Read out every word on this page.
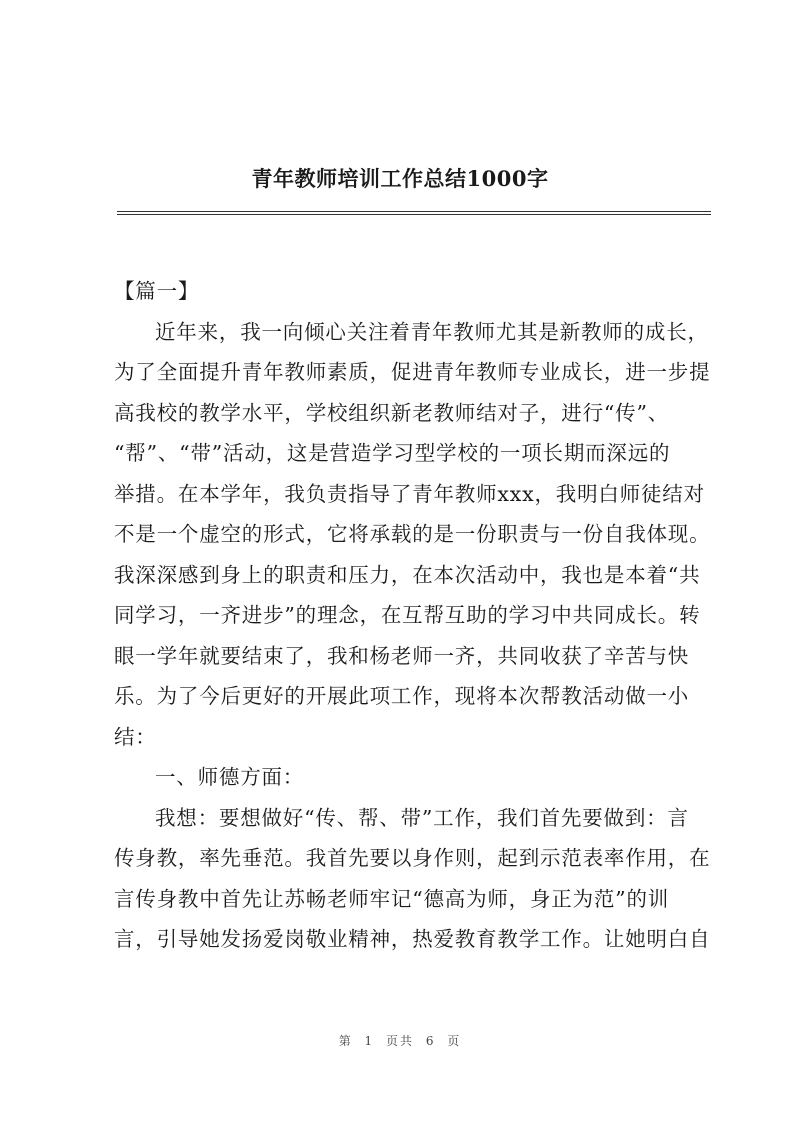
青年教师培训工作总结1000字
【篇一】
近年来，我一向倾心关注着青年教师尤其是新教师的成长，
为了全面提升青年教师素质，促进青年教师专业成长，进一步提
高我校的教学水平，学校组织新老教师结对子，进行“传”、
“帮”、“带”活动，这是营造学习型学校的一项长期而深远的
举措。在本学年，我负责指导了青年教师xxx，我明白师徒结对
不是一个虚空的形式，它将承载的是一份职责与一份自我体现。
我深深感到身上的职责和压力，在本次活动中，我也是本着“共
同学习，一齐进步”的理念，在互帮互助的学习中共同成长。转
眼一学年就要结束了，我和杨老师一齐，共同收获了辛苦与快
乐。为了今后更好的开展此项工作，现将本次帮教活动做一小
结：
一、师德方面：
我想：要想做好“传、帮、带”工作，我们首先要做到：言
传身教，率先垂范。我首先要以身作则，起到示范表率作用，在
言传身教中首先让苏畅老师牢记“德高为师，身正为范”的训
言，引导她发扬爱岗敬业精神，热爱教育教学工作。让她明白自
第 1 页共 6 页
